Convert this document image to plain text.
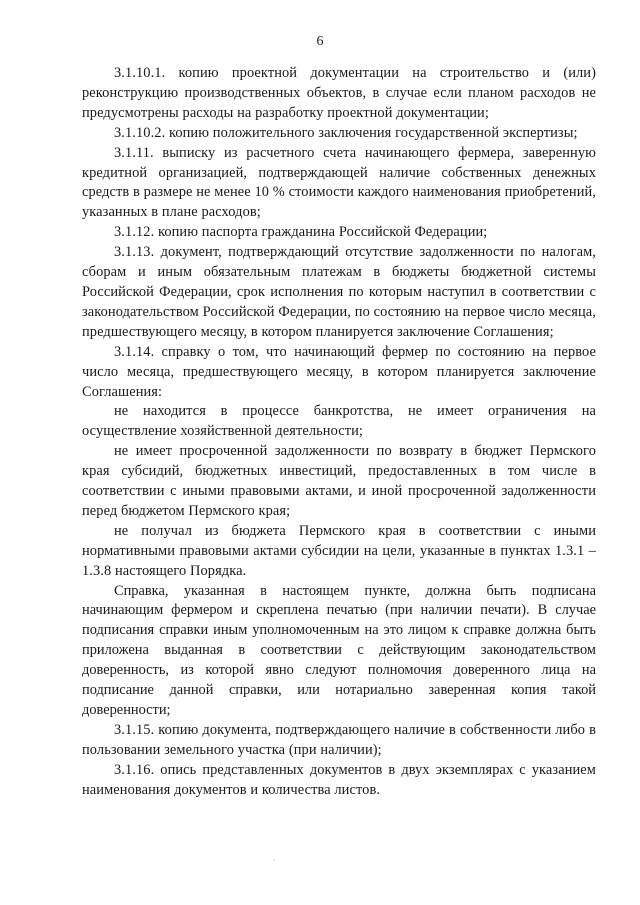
6

3.1.10.1. копию проектной документации на строительство и (или) реконструкцию производственных объектов, в случае если планом расходов не предусмотрены расходы на разработку проектной документации;

3.1.10.2. копию положительного заключения государственной экспертизы;

3.1.11. выписку из расчетного счета начинающего фермера, заверенную кредитной организацией, подтверждающей наличие собственных денежных средств в размере не менее 10 % стоимости каждого наименования приобретений, указанных в плане расходов;

3.1.12. копию паспорта гражданина Российской Федерации;

3.1.13. документ, подтверждающий отсутствие задолженности по налогам, сборам и иным обязательным платежам в бюджеты бюджетной системы Российской Федерации, срок исполнения по которым наступил в соответствии с законодательством Российской Федерации, по состоянию на первое число месяца, предшествующего месяцу, в котором планируется заключение Соглашения;

3.1.14. справку о том, что начинающий фермер по состоянию на первое число месяца, предшествующего месяцу, в котором планируется заключение Соглашения:

не находится в процессе банкротства, не имеет ограничения на осуществление хозяйственной деятельности;

не имеет просроченной задолженности по возврату в бюджет Пермского края субсидий, бюджетных инвестиций, предоставленных в том числе в соответствии с иными правовыми актами, и иной просроченной задолженности перед бюджетом Пермского края;

не получал из бюджета Пермского края в соответствии с иными нормативными правовыми актами субсидии на цели, указанные в пунктах 1.3.1 – 1.3.8 настоящего Порядка.

Справка, указанная в настоящем пункте, должна быть подписана начинающим фермером и скреплена печатью (при наличии печати). В случае подписания справки иным уполномоченным на это лицом к справке должна быть приложена выданная в соответствии с действующим законодательством доверенность, из которой явно следуют полномочия доверенного лица на подписание данной справки, или нотариально заверенная копия такой доверенности;

3.1.15. копию документа, подтверждающего наличие в собственности либо в пользовании земельного участка (при наличии);

3.1.16. опись представленных документов в двух экземплярах с указанием наименования документов и количества листов.

˙
